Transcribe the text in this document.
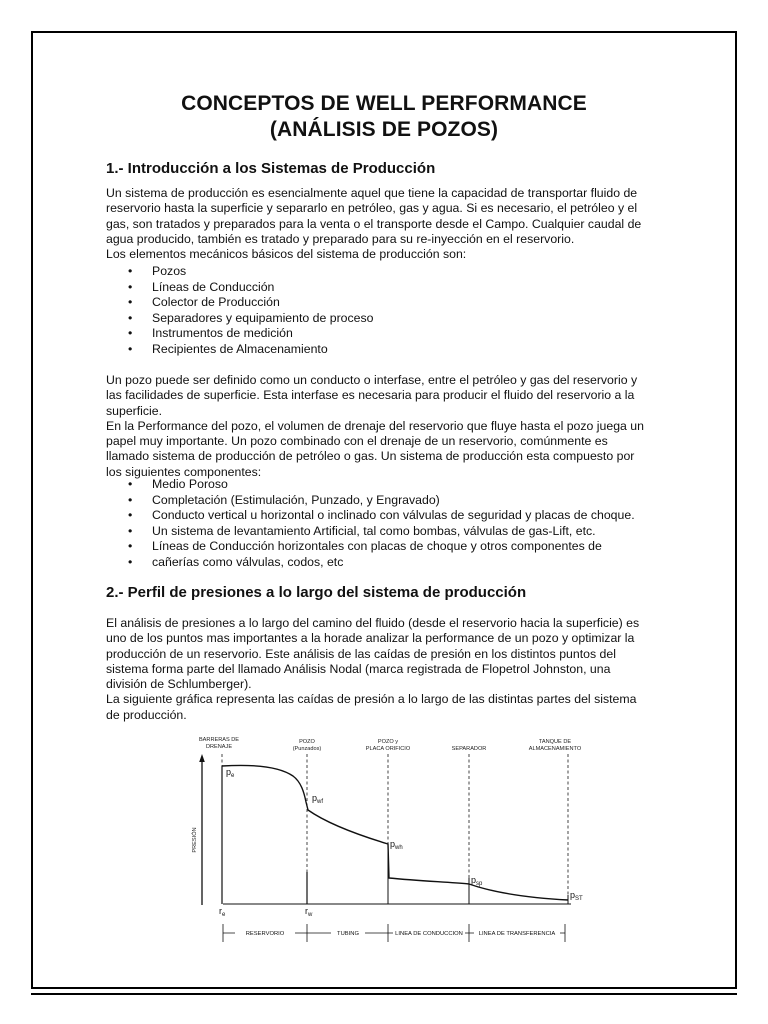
CONCEPTOS DE WELL PERFORMANCE
(ANÁLISIS DE POZOS)
1.- Introducción a los Sistemas de Producción
Un sistema de producción es esencialmente aquel que tiene la capacidad de transportar fluido de
reservorio hasta la superficie y separarlo en petróleo, gas y agua. Si es necesario, el petróleo y el
gas, son tratados y preparados para la venta o el transporte desde el Campo. Cualquier caudal de
agua producido, también es tratado y preparado para su re-inyección en el reservorio.
Los elementos mecánicos básicos del sistema de producción son:
• Pozos
• Líneas de Conducción
• Colector de Producción
• Separadores y equipamiento de proceso
• Instrumentos de medición
• Recipientes de Almacenamiento
Un pozo puede ser definido como un conducto o interfase, entre el petróleo y gas del reservorio y
las facilidades de superficie. Esta interfase es necesaria para producir el fluido del reservorio a la
superficie.
En la Performance del pozo, el volumen de drenaje del reservorio que fluye hasta el pozo juega un
papel muy importante. Un pozo combinado con el drenaje de un reservorio, comúnmente es
llamado sistema de producción de petróleo o gas. Un sistema de producción esta compuesto por
los siguientes componentes:
• Medio Poroso
• Completación (Estimulación, Punzado, y Engravado)
• Conducto vertical u horizontal o inclinado con válvulas de seguridad y placas de choque.
• Un sistema de levantamiento Artificial, tal como bombas, válvulas de gas-Lift, etc.
• Líneas de Conducción horizontales con placas de choque y otros componentes de
• cañerías como válvulas, codos, etc
2.- Perfil de presiones a lo largo del sistema de producción
El análisis de presiones a lo largo del camino del fluido (desde el reservorio hacia la superficie) es
uno de los puntos mas importantes a la horade analizar la performance de un pozo y optimizar la
producción de un reservorio. Este análisis de las caídas de presión en los distintos puntos del
sistema forma parte del llamado Análisis Nodal (marca registrada de Flopetrol Johnston, una
división de Schlumberger).
La siguiente gráfica representa las caídas de presión a lo largo de las distintas partes del sistema
de producción.
BARRERAS DE
DRENAJE
POZO
(Punzados)
POZO y
PLACA ORIFICIO	SEPARADOR
TANQUE DE
ALMACENAMIENTO
PRESIÓN
$p_e$
$p_{wf}$
$p_{wh}$
$p_{sp}$
$p_{ST}$
$r_e$	$r_w$
RESERVORIO	TUBING	LINEA DE CONDUCCION	LINEA DE TRANSFERENCIA
